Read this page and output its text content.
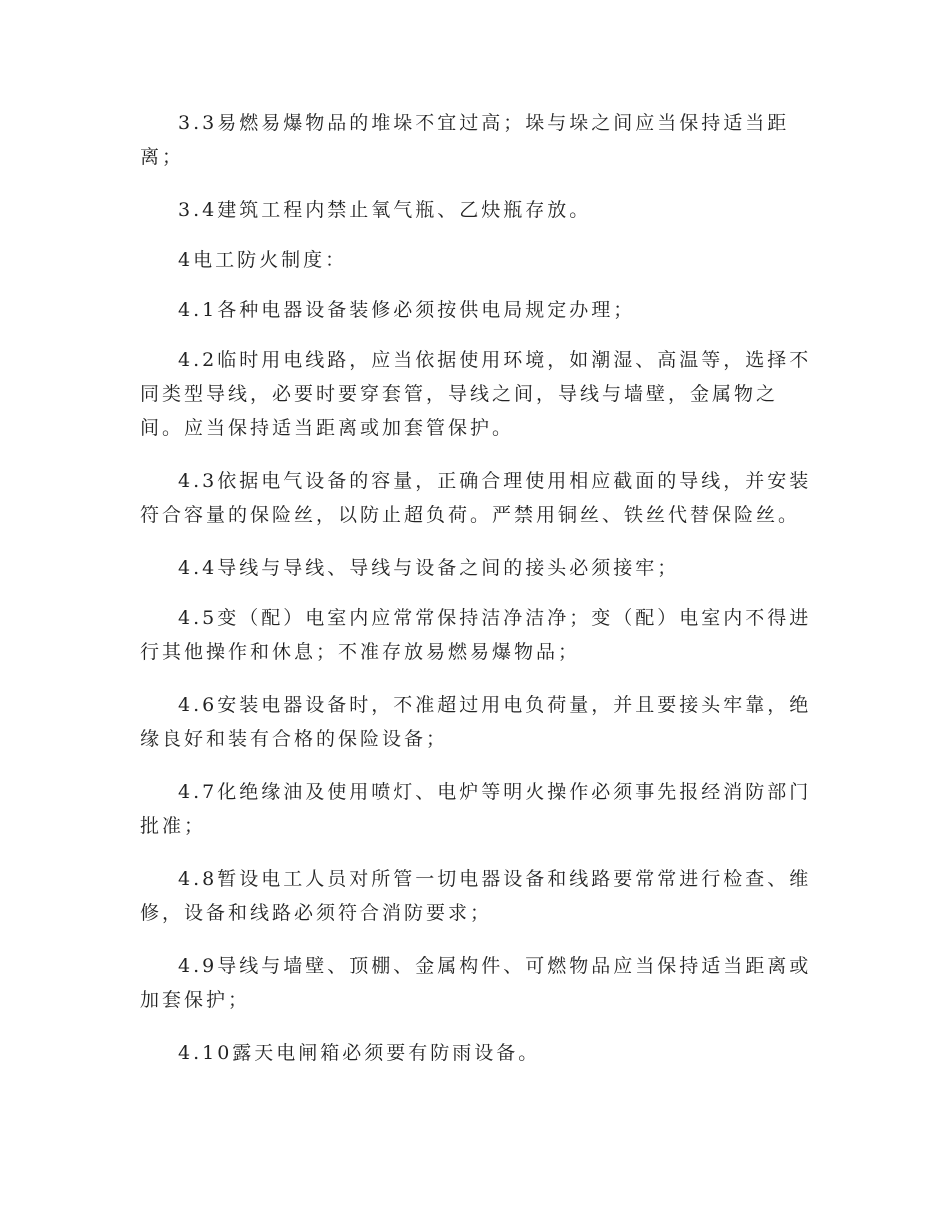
3.3易燃易爆物品的堆垛不宜过高；垛与垛之间应当保持适当距
离；

3.4建筑工程内禁止氧气瓶、乙炔瓶存放。

4电工防火制度：

4.1各种电器设备装修必须按供电局规定办理；

4.2临时用电线路，应当依据使用环境，如潮湿、高温等，选择不
同类型导线，必要时要穿套管，导线之间，导线与墙壁，金属物之
间。应当保持适当距离或加套管保护。

4.3依据电气设备的容量，正确合理使用相应截面的导线，并安装
符合容量的保险丝，以防止超负荷。严禁用铜丝、铁丝代替保险丝。

4.4导线与导线、导线与设备之间的接头必须接牢；

4.5变（配）电室内应常常保持洁净洁净；变（配）电室内不得进
行其他操作和休息；不准存放易燃易爆物品；

4.6安装电器设备时，不准超过用电负荷量，并且要接头牢靠，绝
缘良好和装有合格的保险设备；

4.7化绝缘油及使用喷灯、电炉等明火操作必须事先报经消防部门
批准；

4.8暂设电工人员对所管一切电器设备和线路要常常进行检查、维
修，设备和线路必须符合消防要求；

4.9导线与墙壁、顶棚、金属构件、可燃物品应当保持适当距离或
加套保护；

4.10露天电闸箱必须要有防雨设备。
